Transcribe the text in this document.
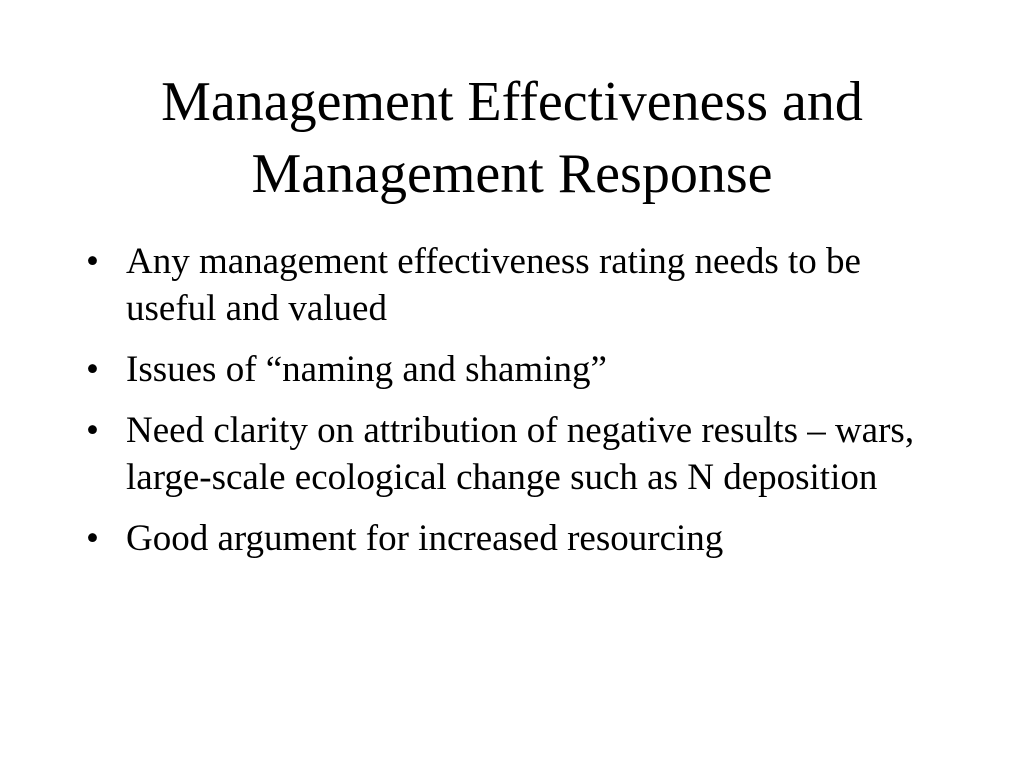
Management Effectiveness and
Management Response
• Any management effectiveness rating needs to be useful and valued
• Issues of “naming and shaming”
• Need clarity on attribution of negative results – wars, large-scale ecological change such as N deposition
• Good argument for increased resourcing
